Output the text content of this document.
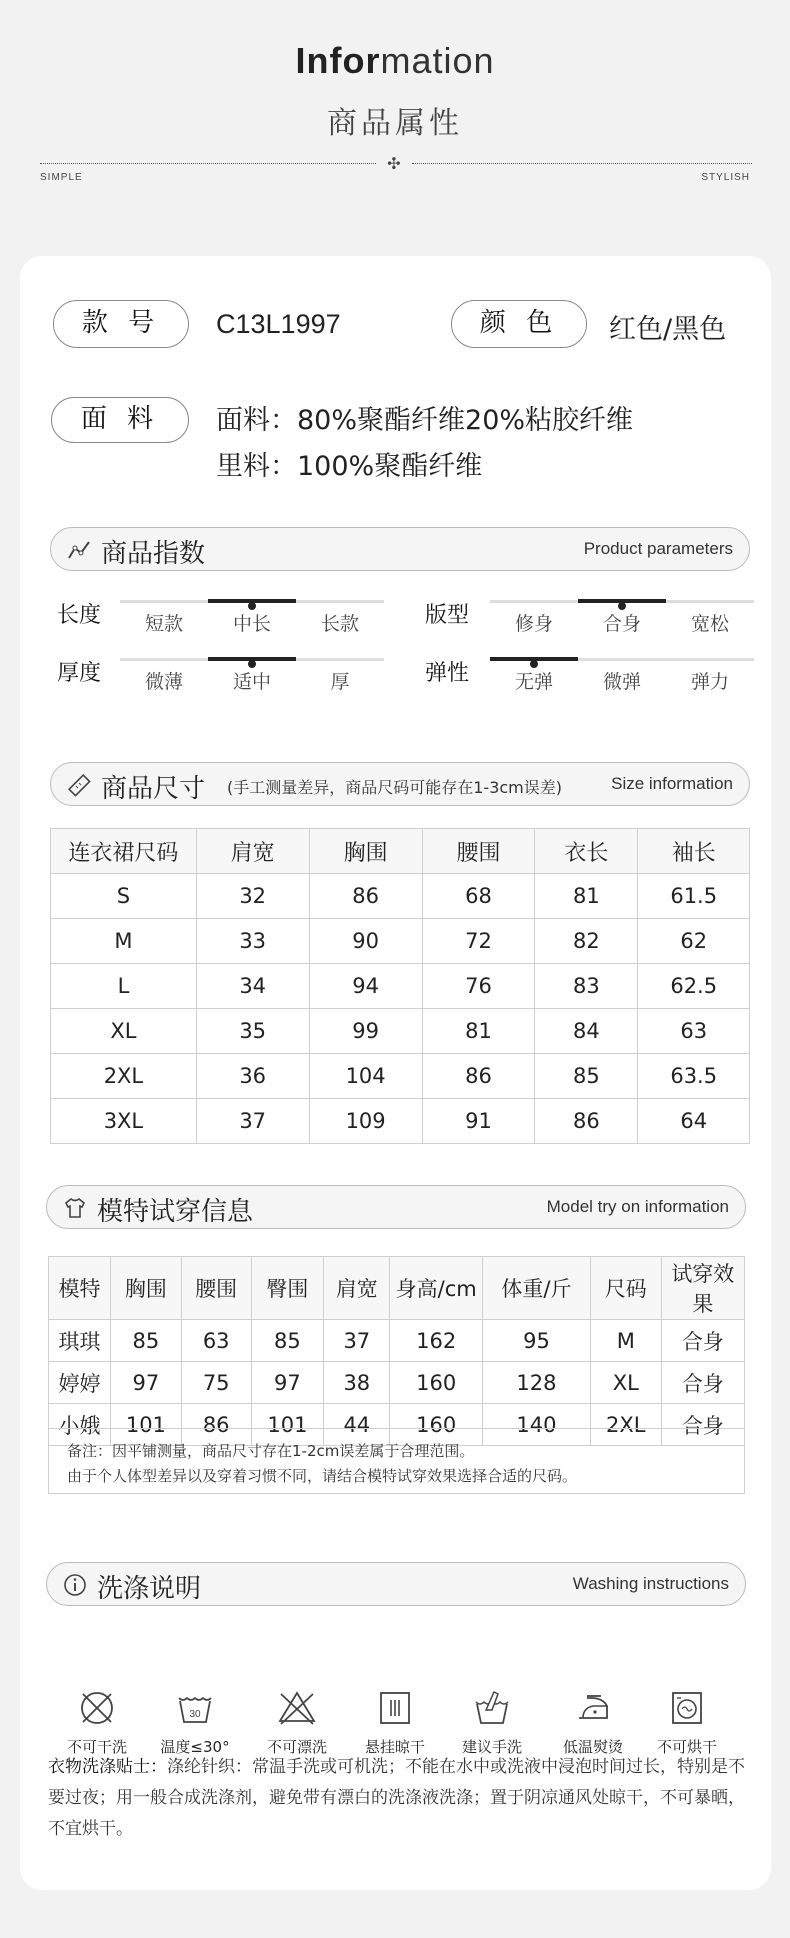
Information
商品属性
✣
SIMPLE	STYLISH
款 号	C13L1997	颜 色	红色/黑色
面 料	面料：80%聚酯纤维20%粘胶纤维
里料：100%聚酯纤维
商品指数	Product parameters
长度	短款	中长	长款	版型	修身	合身	宽松
厚度	微薄	适中	厚	弹性	无弹	微弹	弹力
商品尺寸 (手工测量差异，商品尺码可能存在1-3cm误差)	Size information
连衣裙尺码	肩宽	胸围	腰围	衣长	袖长
S	32	86	68	81	61.5
M	33	90	72	82	62
L	34	94	76	83	62.5
XL	35	99	81	84	63
2XL	36	104	86	85	63.5
3XL	37	109	91	86	64
模特试穿信息	Model try on information
模特	胸围	腰围	臀围	肩宽	身高/cm	体重/斤	尺码	试穿效果
琪琪	85	63	85	37	162	95	M	合身
婷婷	97	75	97	38	160	128	XL	合身
小娥	101	86	101	44	160	140	2XL	合身
备注：因平铺测量，商品尺寸存在1-2cm误差属于合理范围。
由于个人体型差异以及穿着习惯不同，请结合模特试穿效果选择合适的尺码。
洗涤说明	Washing instructions
不可干洗
30
温度≤30°	不可漂洗	悬挂晾干	建议手洗	低温熨烫	不可烘干
衣物洗涤贴士：涤纶针织：常温手洗或可机洗；不能在水中或洗液中浸泡时间过长，特别是不要过夜；用一般合成洗涤剂，避免带有漂白的洗涤液洗涤；置于阴凉通风处晾干，不可暴晒，不宜烘干。
